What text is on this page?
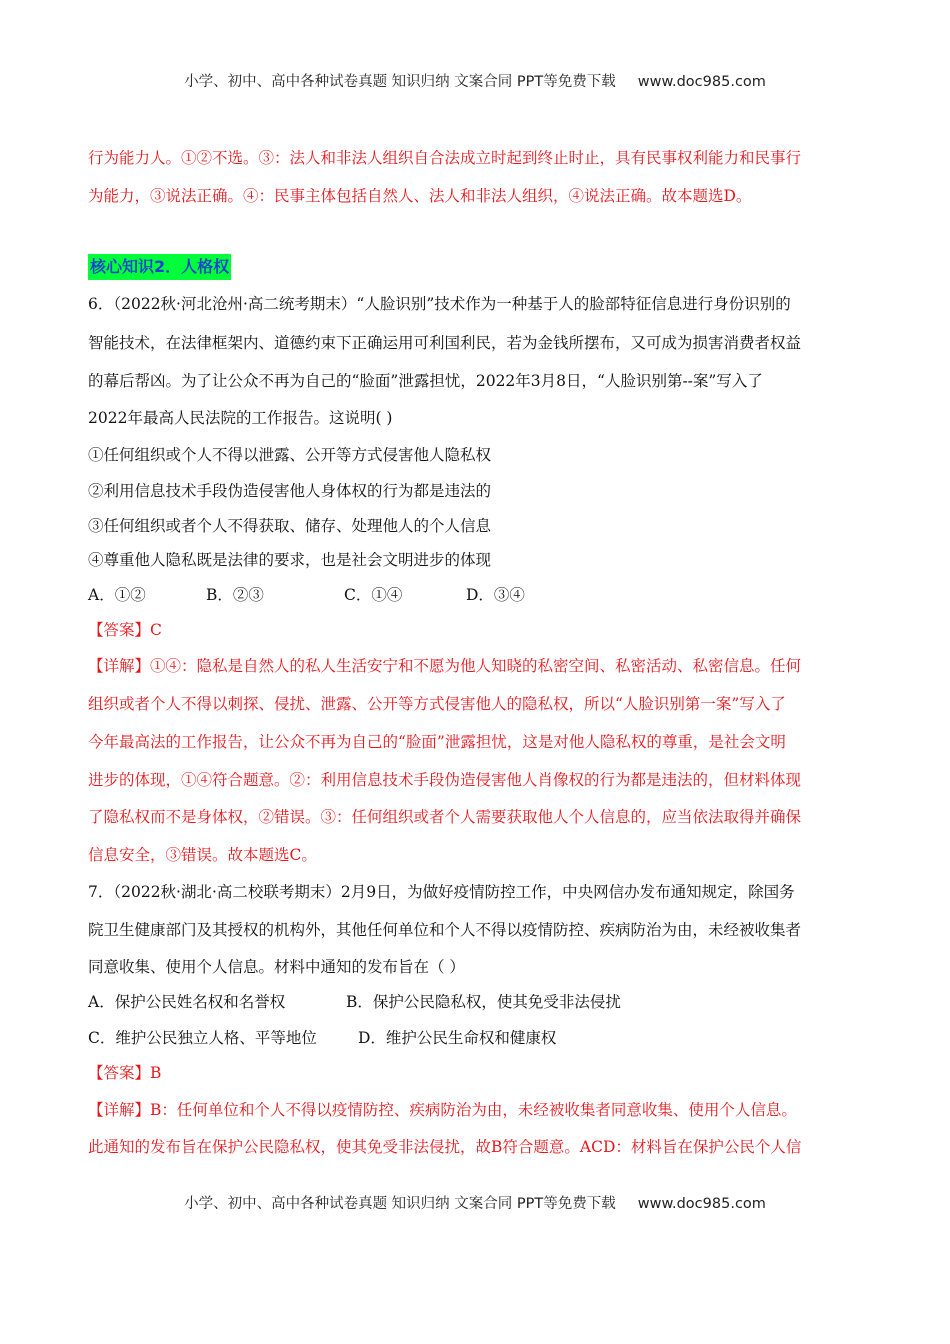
小学、初中、高中各种试卷真题 知识归纳 文案合同 PPT等免费下载 www.doc985.com
行为能力人。①②不选。③：法人和非法人组织自合法成立时起到终止时止，具有民事权利能力和民事行
为能力，③说法正确。④：民事主体包括自然人、法人和非法人组织，④说法正确。故本题选D。
核心知识2．人格权
6．（2022秋·河北沧州·高二统考期末）“人脸识别”技术作为一种基于人的脸部特征信息进行身份识别的
智能技术，在法律框架内、道德约束下正确运用可利国利民，若为金钱所摆布，又可成为损害消费者权益
的幕后帮凶。为了让公众不再为自己的“脸面”泄露担忧，2022年3月8日，“人脸识别第--案”写入了
2022年最高人民法院的工作报告。这说明( )
①任何组织或个人不得以泄露、公开等方式侵害他人隐私权
②利用信息技术手段伪造侵害他人身体权的行为都是违法的
③任何组织或者个人不得获取、储存、处理他人的个人信息
④尊重他人隐私既是法律的要求，也是社会文明进步的体现
A．①②	B．②③	C．①④	D．③④
【答案】C
【详解】①④：隐私是自然人的私人生活安宁和不愿为他人知晓的私密空间、私密活动、私密信息。任何
组织或者个人不得以刺探、侵扰、泄露、公开等方式侵害他人的隐私权，所以“人脸识别第一案”写入了
今年最高法的工作报告，让公众不再为自己的“脸面”泄露担忧，这是对他人隐私权的尊重，是社会文明
进步的体现，①④符合题意。②：利用信息技术手段伪造侵害他人肖像权的行为都是违法的，但材料体现
了隐私权而不是身体权，②错误。③：任何组织或者个人需要获取他人个人信息的，应当依法取得并确保
信息安全，③错误。故本题选C。
7．（2022秋·湖北·高二校联考期末）2月9日，为做好疫情防控工作，中央网信办发布通知规定，除国务
院卫生健康部门及其授权的机构外，其他任何单位和个人不得以疫情防控、疾病防治为由，未经被收集者
同意收集、使用个人信息。材料中通知的发布旨在（ ）
A．保护公民姓名权和名誉权	B．保护公民隐私权，使其免受非法侵扰
C．维护公民独立人格、平等地位	D．维护公民生命权和健康权
【答案】B
【详解】B：任何单位和个人不得以疫情防控、疾病防治为由，未经被收集者同意收集、使用个人信息。
此通知的发布旨在保护公民隐私权，使其免受非法侵扰，故B符合题意。ACD：材料旨在保护公民个人信
小学、初中、高中各种试卷真题 知识归纳 文案合同 PPT等免费下载 www.doc985.com
